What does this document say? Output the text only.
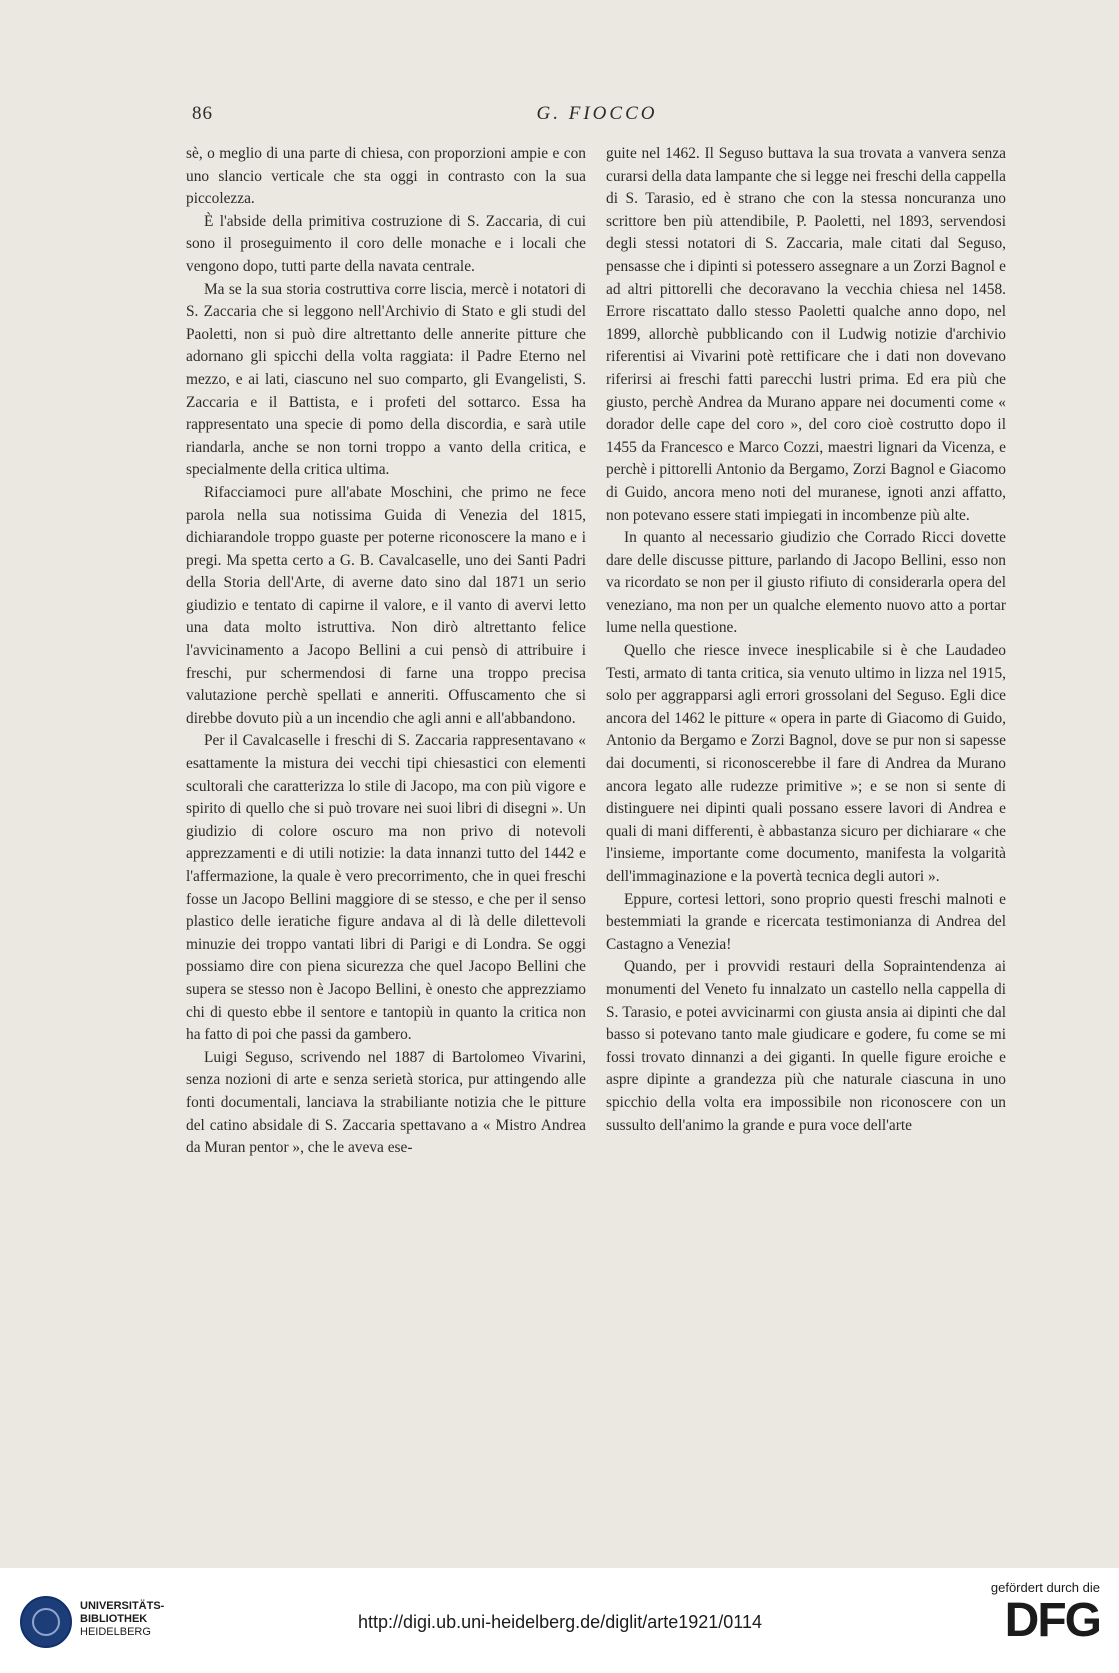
86	G. FIOCCO

sè, o meglio di una parte di chiesa, con proporzioni ampie e con uno slancio verticale che sta oggi in contrasto con la sua piccolezza.

È l'abside della primitiva costruzione di S. Zaccaria, di cui sono il proseguimento il coro delle monache e i locali che vengono dopo, tutti parte della navata centrale.

Ma se la sua storia costruttiva corre liscia, mercè i notatori di S. Zaccaria che si leggono nell'Archivio di Stato e gli studi del Paoletti, non si può dire altrettanto delle annerite pitture che adornano gli spicchi della volta raggiata: il Padre Eterno nel mezzo, e ai lati, ciascuno nel suo comparto, gli Evangelisti, S. Zaccaria e il Battista, e i profeti del sottarco. Essa ha rappresentato una specie di pomo della discordia, e sarà utile riandarla, anche se non torni troppo a vanto della critica, e specialmente della critica ultima.

Rifacciamoci pure all'abate Moschini, che primo ne fece parola nella sua notissima Guida di Venezia del 1815, dichiarandole troppo guaste per poterne riconoscere la mano e i pregi. Ma spetta certo a G. B. Cavalcaselle, uno dei Santi Padri della Storia dell'Arte, di averne dato sino dal 1871 un serio giudizio e tentato di capirne il valore, e il vanto di avervi letto una data molto istruttiva. Non dirò altrettanto felice l'avvicinamento a Jacopo Bellini a cui pensò di attribuire i freschi, pur schermendosi di farne una troppo precisa valutazione perchè spellati e anneriti. Offuscamento che si direbbe dovuto più a un incendio che agli anni e all'abbandono.

Per il Cavalcaselle i freschi di S. Zaccaria rappresentavano « esattamente la mistura dei vecchi tipi chiesastici con elementi scultorali che caratterizza lo stile di Jacopo, ma con più vigore e spirito di quello che si può trovare nei suoi libri di disegni ». Un giudizio di colore oscuro ma non privo di notevoli apprezzamenti e di utili notizie: la data innanzi tutto del 1442 e l'affermazione, la quale è vero precorrimento, che in quei freschi fosse un Jacopo Bellini maggiore di se stesso, e che per il senso plastico delle ieratiche figure andava al di là delle dilettevoli minuzie dei troppo vantati libri di Parigi e di Londra. Se oggi possiamo dire con piena sicurezza che quel Jacopo Bellini che supera se stesso non è Jacopo Bellini, è onesto che apprezziamo chi di questo ebbe il sentore e tantopiù in quanto la critica non ha fatto di poi che passi da gambero.

Luigi Seguso, scrivendo nel 1887 di Bartolomeo Vivarini, senza nozioni di arte e senza serietà storica, pur attingendo alle fonti documentali, lanciava la strabiliante notizia che le pitture del catino absidale di S. Zaccaria spettavano a « Mistro Andrea da Muran pentor », che le aveva ese-

guite nel 1462. Il Seguso buttava la sua trovata a vanvera senza curarsi della data lampante che si legge nei freschi della cappella di S. Tarasio, ed è strano che con la stessa noncuranza uno scrittore ben più attendibile, P. Paoletti, nel 1893, servendosi degli stessi notatori di S. Zaccaria, male citati dal Seguso, pensasse che i dipinti si potessero assegnare a un Zorzi Bagnol e ad altri pittorelli che decoravano la vecchia chiesa nel 1458. Errore riscattato dallo stesso Paoletti qualche anno dopo, nel 1899, allorchè pubblicando con il Ludwig notizie d'archivio riferentisi ai Vivarini potè rettificare che i dati non dovevano riferirsi ai freschi fatti parecchi lustri prima. Ed era più che giusto, perchè Andrea da Murano appare nei documenti come « dorador delle cape del coro », del coro cioè costrutto dopo il 1455 da Francesco e Marco Cozzi, maestri lignari da Vicenza, e perchè i pittorelli Antonio da Bergamo, Zorzi Bagnol e Giacomo di Guido, ancora meno noti del muranese, ignoti anzi affatto, non potevano essere stati impiegati in incombenze più alte.

In quanto al necessario giudizio che Corrado Ricci dovette dare delle discusse pitture, parlando di Jacopo Bellini, esso non va ricordato se non per il giusto rifiuto di considerarla opera del veneziano, ma non per un qualche elemento nuovo atto a portar lume nella questione.

Quello che riesce invece inesplicabile si è che Laudadeo Testi, armato di tanta critica, sia venuto ultimo in lizza nel 1915, solo per aggrapparsi agli errori grossolani del Seguso. Egli dice ancora del 1462 le pitture « opera in parte di Giacomo di Guido, Antonio da Bergamo e Zorzi Bagnol, dove se pur non si sapesse dai documenti, si riconoscerebbe il fare di Andrea da Murano ancora legato alle rudezze primitive »; e se non si sente di distinguere nei dipinti quali possano essere lavori di Andrea e quali di mani differenti, è abbastanza sicuro per dichiarare « che l'insieme, importante come documento, manifesta la volgarità dell'immaginazione e la povertà tecnica degli autori ».

Eppure, cortesi lettori, sono proprio questi freschi malnoti e bestemmiati la grande e ricercata testimonianza di Andrea del Castagno a Venezia!

Quando, per i provvidi restauri della Sopraintendenza ai monumenti del Veneto fu innalzato un castello nella cappella di S. Tarasio, e potei avvicinarmi con giusta ansia ai dipinti che dal basso si potevano tanto male giudicare e godere, fu come se mi fossi trovato dinnanzi a dei giganti. In quelle figure eroiche e aspre dipinte a grandezza più che naturale ciascuna in uno spicchio della volta era impossibile non riconoscere con un sussulto dell'animo la grande e pura voce dell'arte

UNIVERSITÄTS-
BIBLIOTHEK
HEIDELBERG	http://digi.ub.uni-heidelberg.de/diglit/arte1921/0114
gefördert durch die
DFG
